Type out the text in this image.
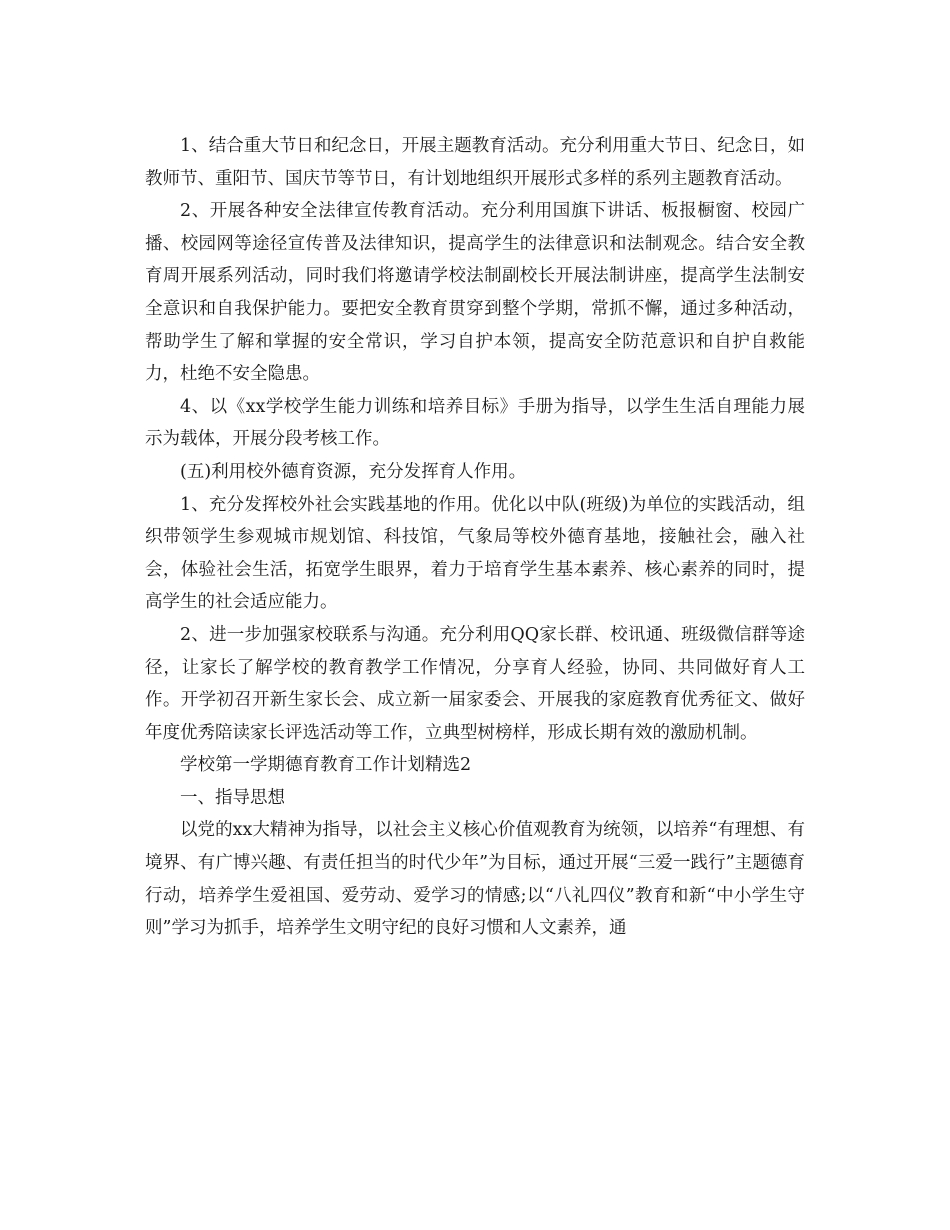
1、结合重大节日和纪念日，开展主题教育活动。充分利用重大节日、纪念日，如教师节、重阳节、国庆节等节日，有计划地组织开展形式多样的系列主题教育活动。

2、开展各种安全法律宣传教育活动。充分利用国旗下讲话、板报橱窗、校园广播、校园网等途径宣传普及法律知识，提高学生的法律意识和法制观念。结合安全教育周开展系列活动，同时我们将邀请学校法制副校长开展法制讲座，提高学生法制安全意识和自我保护能力。要把安全教育贯穿到整个学期，常抓不懈，通过多种活动，帮助学生了解和掌握的安全常识，学习自护本领，提高安全防范意识和自护自救能力，杜绝不安全隐患。

4、以《xx学校学生能力训练和培养目标》手册为指导，以学生生活自理能力展示为载体，开展分段考核工作。

(五)利用校外德育资源，充分发挥育人作用。

1、充分发挥校外社会实践基地的作用。优化以中队(班级)为单位的实践活动，组织带领学生参观城市规划馆、科技馆，气象局等校外德育基地，接触社会，融入社会，体验社会生活，拓宽学生眼界，着力于培育学生基本素养、核心素养的同时，提高学生的社会适应能力。

2、进一步加强家校联系与沟通。充分利用QQ家长群、校讯通、班级微信群等途径，让家长了解学校的教育教学工作情况，分享育人经验，协同、共同做好育人工作。开学初召开新生家长会、成立新一届家委会、开展我的家庭教育优秀征文、做好年度优秀陪读家长评选活动等工作，立典型树榜样，形成长期有效的激励机制。

学校第一学期德育教育工作计划精选2

一、指导思想

以党的xx大精神为指导，以社会主义核心价值观教育为统领，以培养“有理想、有境界、有广博兴趣、有责任担当的时代少年”为目标，通过开展“三爱一践行”主题德育行动，培养学生爱祖国、爱劳动、爱学习的情感;以“八礼四仪”教育和新“中小学生守则”学习为抓手，培养学生文明守纪的良好习惯和人文素养，通
